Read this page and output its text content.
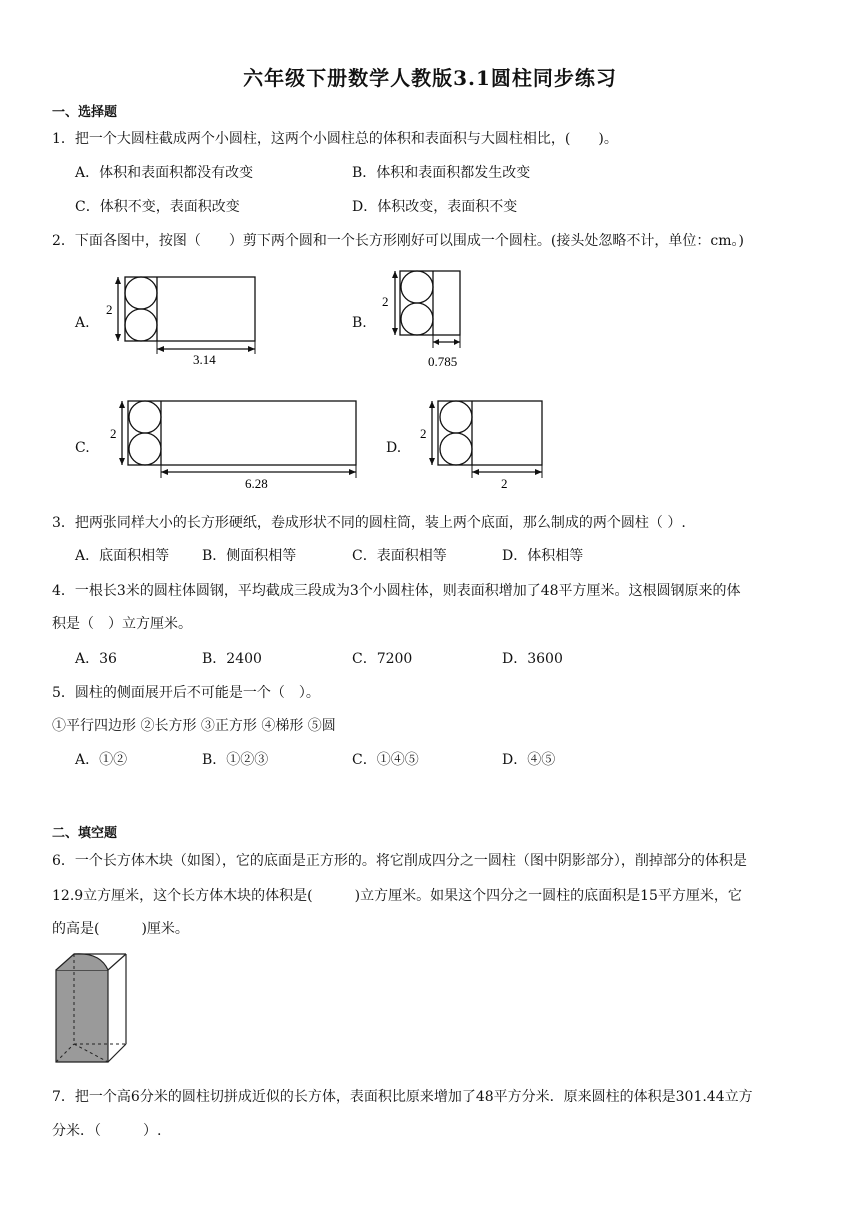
六年级下册数学人教版3.1圆柱同步练习
一、选择题
1．把一个大圆柱截成两个小圆柱，这两个小圆柱总的体积和表面积与大圆柱相比，(　　)。
A．体积和表面积都没有改变	B．体积和表面积都发生改变
C．体积不变，表面积改变	D．体积改变，表面积不变
2．下面各图中，按图（　　）剪下两个圆和一个长方形刚好可以围成一个圆柱。(接头处忽略不计，单位：cm。)
A.
2
3.14
B.
2
0.785
C.
2
6.28
D.
2
2
3．把两张同样大小的长方形硬纸，卷成形状不同的圆柱筒，装上两个底面，那么制成的两个圆柱（ ）.
A．底面积相等 B．侧面积相等	C．表面积相等	D．体积相等
4．一根长3米的圆柱体圆钢，平均截成三段成为3个小圆柱体，则表面积增加了48平方厘米。这根圆钢原来的体
积是（　）立方厘米。
A．36	B．2400	C．7200	D．3600
5．圆柱的侧面展开后不可能是一个（　）。
①平行四边形 ②长方形 ③正方形 ④梯形 ⑤圆
A．①②	B．①②③	C．①④⑤	D．④⑤
二、填空题
6．一个长方体木块（如图），它的底面是正方形的。将它削成四分之一圆柱（图中阴影部分），削掉部分的体积是
12.9立方厘米，这个长方体木块的体积是(　　　)立方厘米。如果这个四分之一圆柱的底面积是15平方厘米，它
的高是(　　　)厘米。
7．把一个高6分米的圆柱切拼成近似的长方体，表面积比原来增加了48平方分米．原来圆柱的体积是301.44立方
分米．（　　　）.
